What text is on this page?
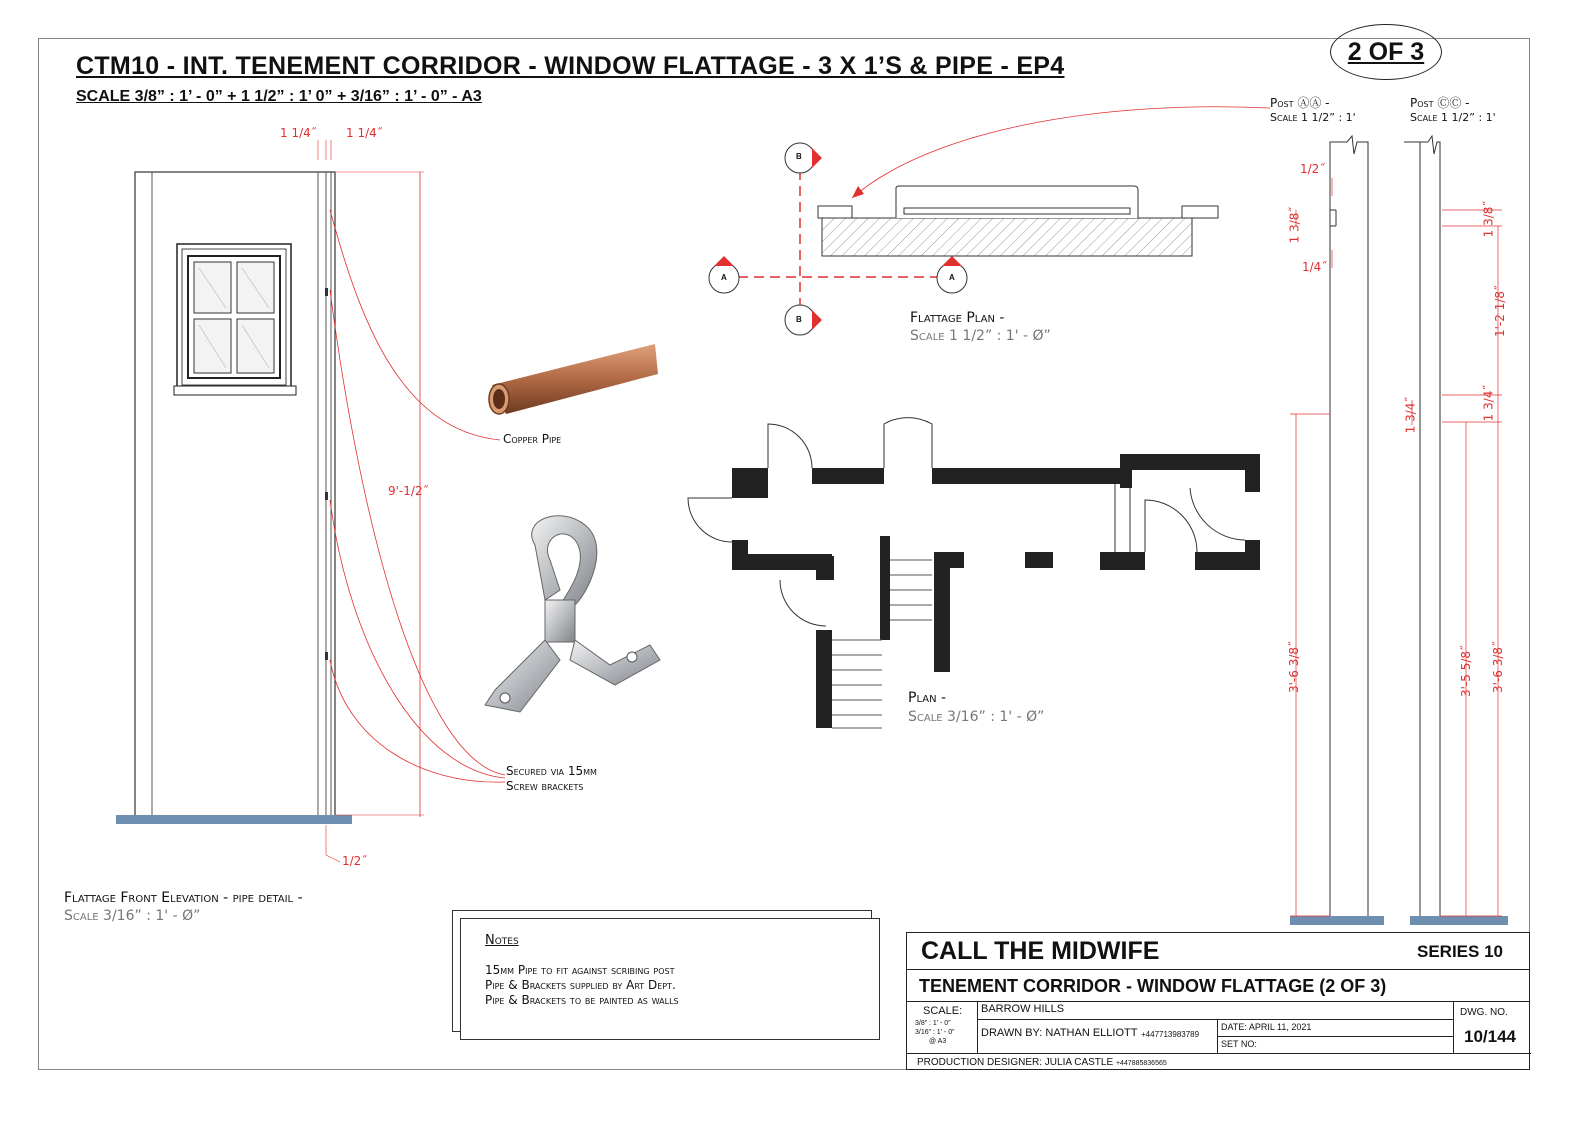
CTM10 - INT. TENEMENT CORRIDOR - WINDOW FLATTAGE - 3 X 1’S & PIPE - EP4
SCALE 3/8” : 1’ - 0” + 1 1/2” : 1’ 0” + 3/16” : 1’ - 0” - A3
2 OF 3
1 1/4˝ 1 1/4˝
9'-1/2˝
1/2˝
Flattage Front Elevation - pipe detail -
Scale 3/16” : 1' - Ø”
Copper Pipe
Secured via 15mm
Screw brackets
B
B
A	A
Flattage Plan -
Scale 1 1/2” : 1' - Ø”
Plan -
Scale 3/16” : 1' - Ø”
Post ⒶⒶ -
Scale 1 1/2” : 1'
Post ⒸⒸ -
Scale 1 1/2” : 1'
1/2˝
1 3/8˝
1/4˝
1 3/4˝
3'-6 3/8˝
1 3/8˝
1'-2 1/8˝
1 3/4˝
3'-5 5/8˝ 3'-6 3/8˝
Notes
15mm Pipe to fit against scribing post
Pipe & Brackets supplied by Art Dept.
Pipe & Brackets to be painted as walls
CALL THE MIDWIFE	SERIES 10
TENEMENT CORRIDOR - WINDOW FLATTAGE (2 OF 3)
SCALE:
3/8” : 1’ - 0”
3/16” : 1’ - 0”
@ A3
BARROW HILLS
DRAWN BY: NATHAN ELLIOTT +447713983789
DATE: APRIL 11, 2021
SET NO:
DWG. NO.
10/144
PRODUCTION DESIGNER: JULIA CASTLE +447885836565
